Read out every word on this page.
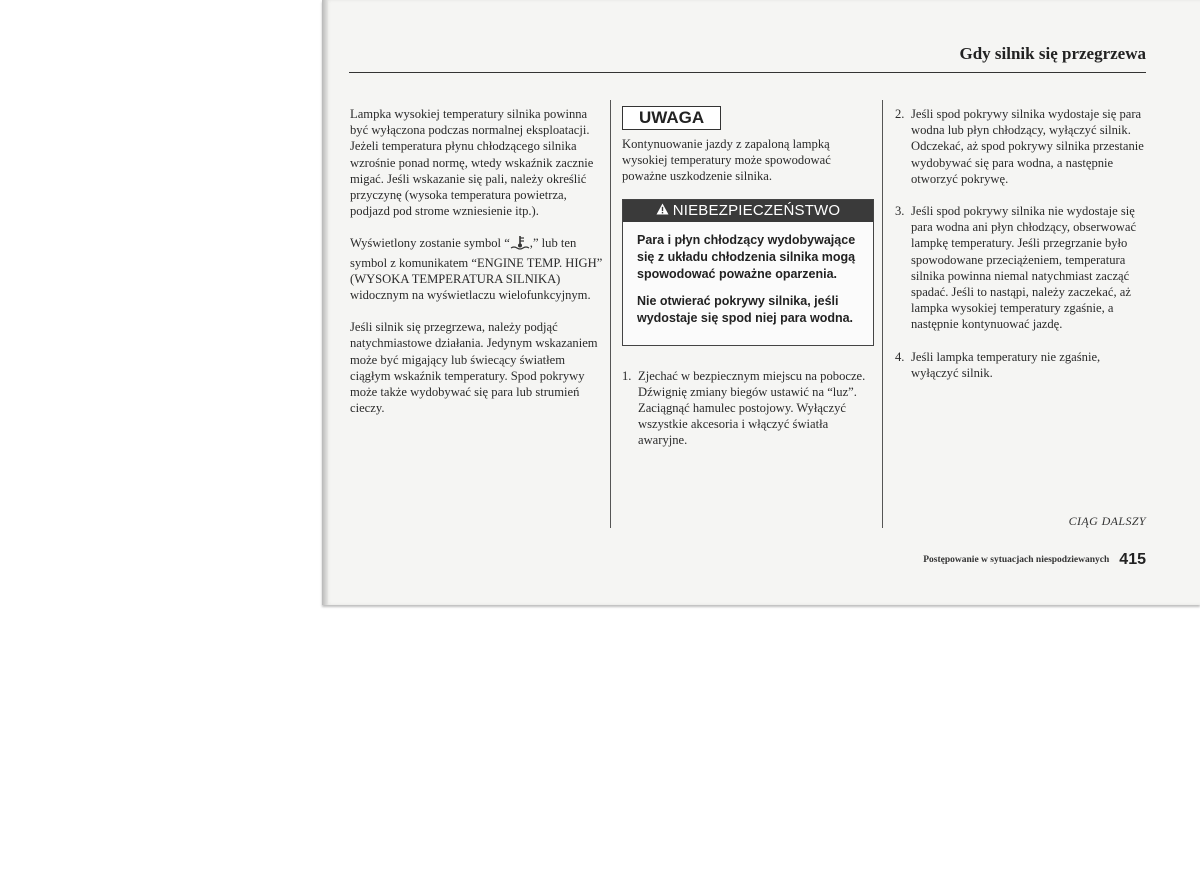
Gdy silnik się przegrzewa

Lampka wysokiej temperatury silnika powinna być wyłączona podczas normalnej eksploatacji. Jeżeli temperatura płynu chłodzącego silnika wzrośnie ponad normę, wtedy wskaźnik zacznie migać. Jeśli wskazanie się pali, należy określić przyczynę (wysoka temperatura powietrza, podjazd pod strome wzniesienie itp.).

Wyświetlony zostanie symbol “ ,” lub ten symbol z komunikatem “ENGINE TEMP. HIGH” (WYSOKA TEMPERATURA SILNIKA) widocznym na wyświetlaczu wielofunkcyjnym.

Jeśli silnik się przegrzewa, należy podjąć natychmiastowe działania. Jedynym wskazaniem może być migający lub świecący światłem ciągłym wskaźnik temperatury. Spod pokrywy może także wydobywać się para lub strumień cieczy.

UWAGA

Kontynuowanie jazdy z zapaloną lampką wysokiej temperatury może spowodować poważne uszkodzenie silnika.

NIEBEZPIECZEŃSTWO

Para i płyn chłodzący wydobywające się z układu chłodzenia silnika mogą spowodować poważne oparzenia.

Nie otwierać pokrywy silnika, jeśli wydostaje się spod niej para wodna.

1. Zjechać w bezpiecznym miejscu na pobocze. Dźwignię zmiany biegów ustawić na “luz”. Zaciągnąć hamulec postojowy. Wyłączyć wszystkie akcesoria i włączyć światła awaryjne.
2. Jeśli spod pokrywy silnika wydostaje się para wodna lub płyn chłodzący, wyłączyć silnik. Odczekać, aż spod pokrywy silnika przestanie wydobywać się para wodna, a następnie otworzyć pokrywę.
3. Jeśli spod pokrywy silnika nie wydostaje się para wodna ani płyn chłodzący, obserwować lampkę temperatury. Jeśli przegrzanie było spowodowane przeciążeniem, temperatura silnika powinna niemal natychmiast zacząć spadać. Jeśli to nastąpi, należy zaczekać, aż lampka wysokiej temperatury zgaśnie, a następnie kontynuować jazdę.
4. Jeśli lampka temperatury nie zgaśnie, wyłączyć silnik.
CIĄG DALSZY
Postępowanie w sytuacjach niespodziewanych 415
